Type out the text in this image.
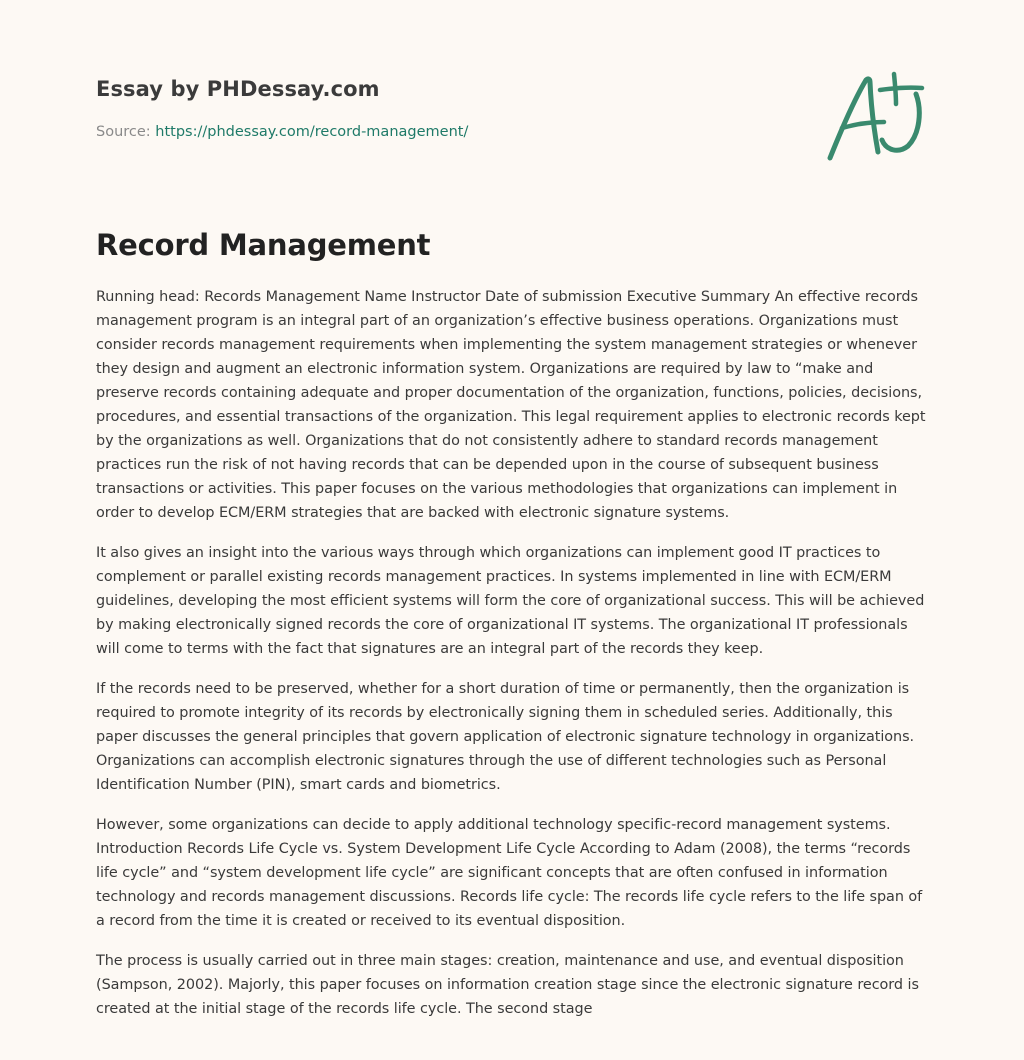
Essay by PHDessay.com
Source: https://phdessay.com/record-management/
Record Management

Running head: Records Management Name Instructor Date of submission Executive Summary An effective records management program is an integral part of an organization’s effective business operations. Organizations must consider records management requirements when implementing the system management strategies or whenever they design and augment an electronic information system. Organizations are required by law to “make and preserve records containing adequate and proper documentation of the organization, functions, policies, decisions, procedures, and essential transactions of the organization. This legal requirement applies to electronic records kept by the organizations as well. Organizations that do not consistently adhere to standard records management practices run the risk of not having records that can be depended upon in the course of subsequent business transactions or activities. This paper focuses on the various methodologies that organizations can implement in order to develop ECM/ERM strategies that are backed with electronic signature systems.

It also gives an insight into the various ways through which organizations can implement good IT practices to complement or parallel existing records management practices. In systems implemented in line with ECM/ERM guidelines, developing the most efficient systems will form the core of organizational success. This will be achieved by making electronically signed records the core of organizational IT systems. The organizational IT professionals will come to terms with the fact that signatures are an integral part of the records they keep.

If the records need to be preserved, whether for a short duration of time or permanently, then the organization is required to promote integrity of its records by electronically signing them in scheduled series. Additionally, this paper discusses the general principles that govern application of electronic signature technology in organizations. Organizations can accomplish electronic signatures through the use of different technologies such as Personal Identification Number (PIN), smart cards and biometrics.

However, some organizations can decide to apply additional technology specific-record management systems. Introduction Records Life Cycle vs. System Development Life Cycle According to Adam (2008), the terms “records life cycle” and “system development life cycle” are significant concepts that are often confused in information technology and records management discussions. Records life cycle: The records life cycle refers to the life span of a record from the time it is created or received to its eventual disposition.

The process is usually carried out in three main stages: creation, maintenance and use, and eventual disposition (Sampson, 2002). Majorly, this paper focuses on information creation stage since the electronic signature record is created at the initial stage of the records life cycle. The second stage
